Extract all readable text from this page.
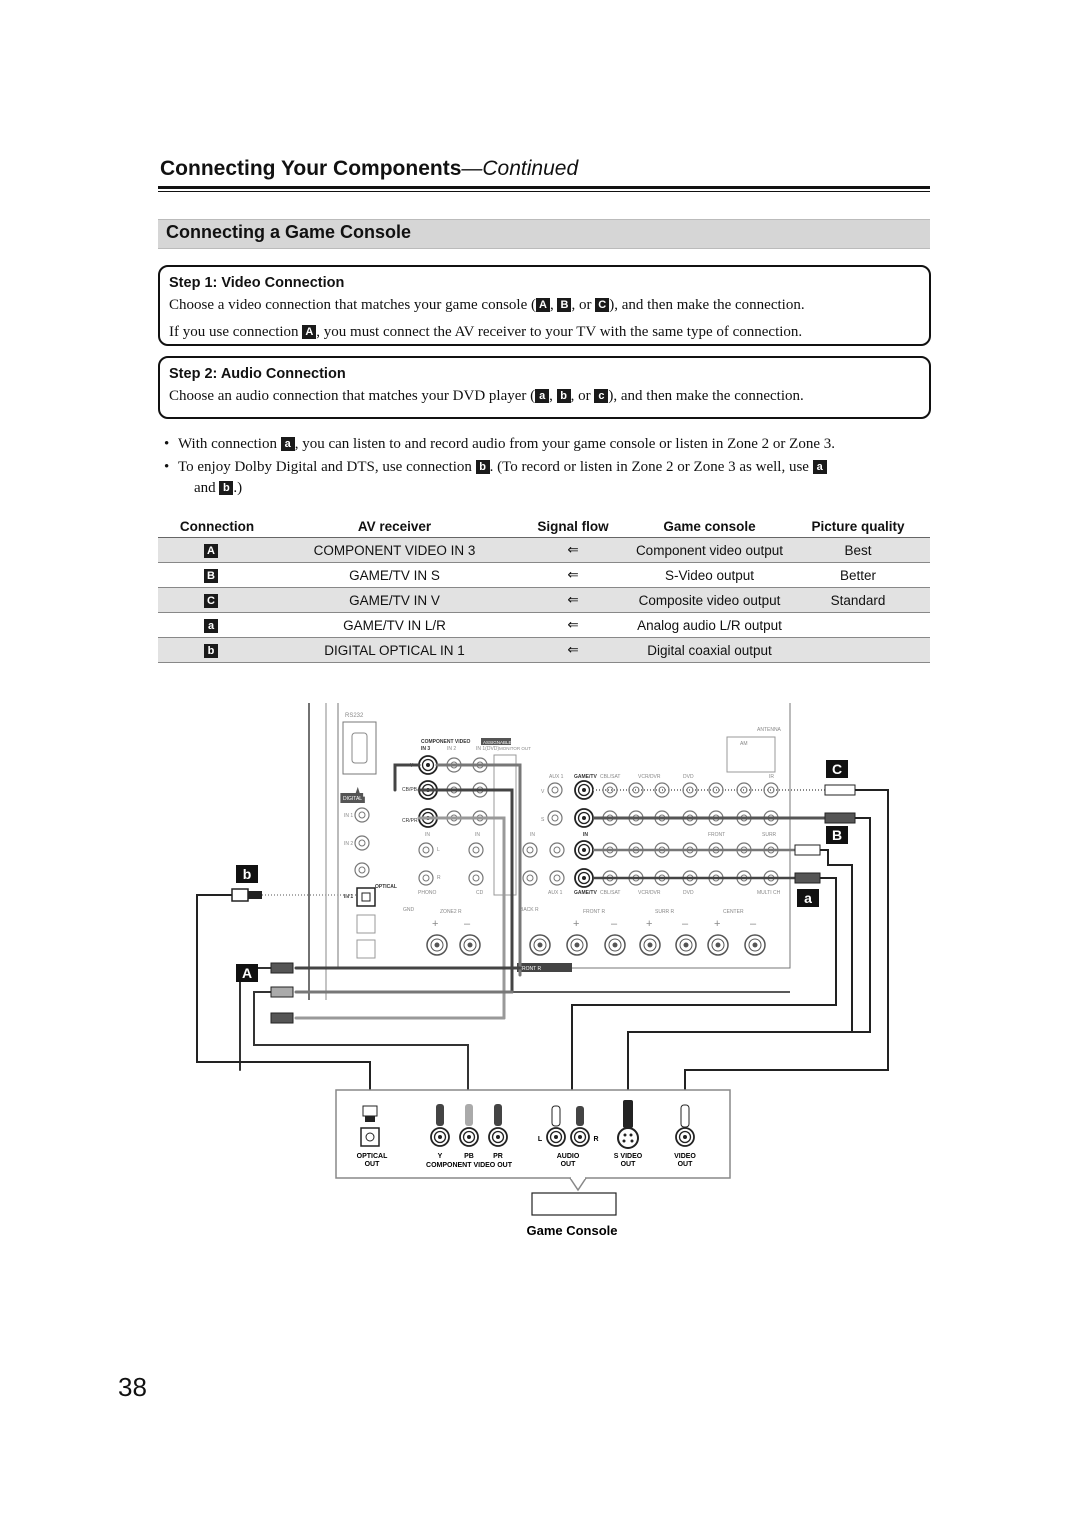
Connecting Your Components—Continued
Connecting a Game Console
Step 1: Video Connection
Choose a video connection that matches your game console ( A , B , or C ), and then make the connection.
If you use connection A , you must connect the AV receiver to your TV with the same type of connection.
Step 2: Audio Connection
Choose an audio connection that matches your DVD player ( a , b , or c ), and then make the connection.
• With connection a , you can listen to and record audio from your game console or listen in Zone 2 or Zone 3.
• To enjoy Dolby Digital and DTS, use connection b . (To record or listen in Zone 2 or Zone 3 as well, use a
and b .)
Connection	AV receiver	Signal flow	Game console	Picture quality
A	COMPONENT VIDEO IN 3	⇐	Component video output	Best
B	GAME/TV IN S	⇐	S-Video output	Better
C	GAME/TV IN V	⇐	Composite video output	Standard
a	GAME/TV IN L/R	⇐	Analog audio L/R output	
b	DIGITAL OPTICAL IN 1	⇐	Digital coaxial output	
RS232
COMPONENT VIDEO	ASSIGNABLE
IN 3	IN 2	IN 1(DVD) MONITOR OUT
Y
CB/PB
CR/PR
AUX 1 GAME/TV CBL/SAT	VCR/DVR	DVD
ANTENNA
AM
IR
V
S
DIGITAL
IN 1
IN 2
OPTICAL
IN 1
IN	IN	IN	IN
L
R
FRONT	SURR
PHONO	CD	AUX 1 GAME/TV CBL/SAT	VCR/DVR	DVD	MULTI CH
GND	ZONE2 R	BACK R	FRONT R	SURR R	CENTER
+ –	+	–	+	– +	–
FRONT R
C
B
b
a
A
OPTICAL
OUT
Y	PB	PR
COMPONENT VIDEO OUT
L	R
AUDIO
OUT
S VIDEO
OUT
VIDEO
OUT
Game Console
38
